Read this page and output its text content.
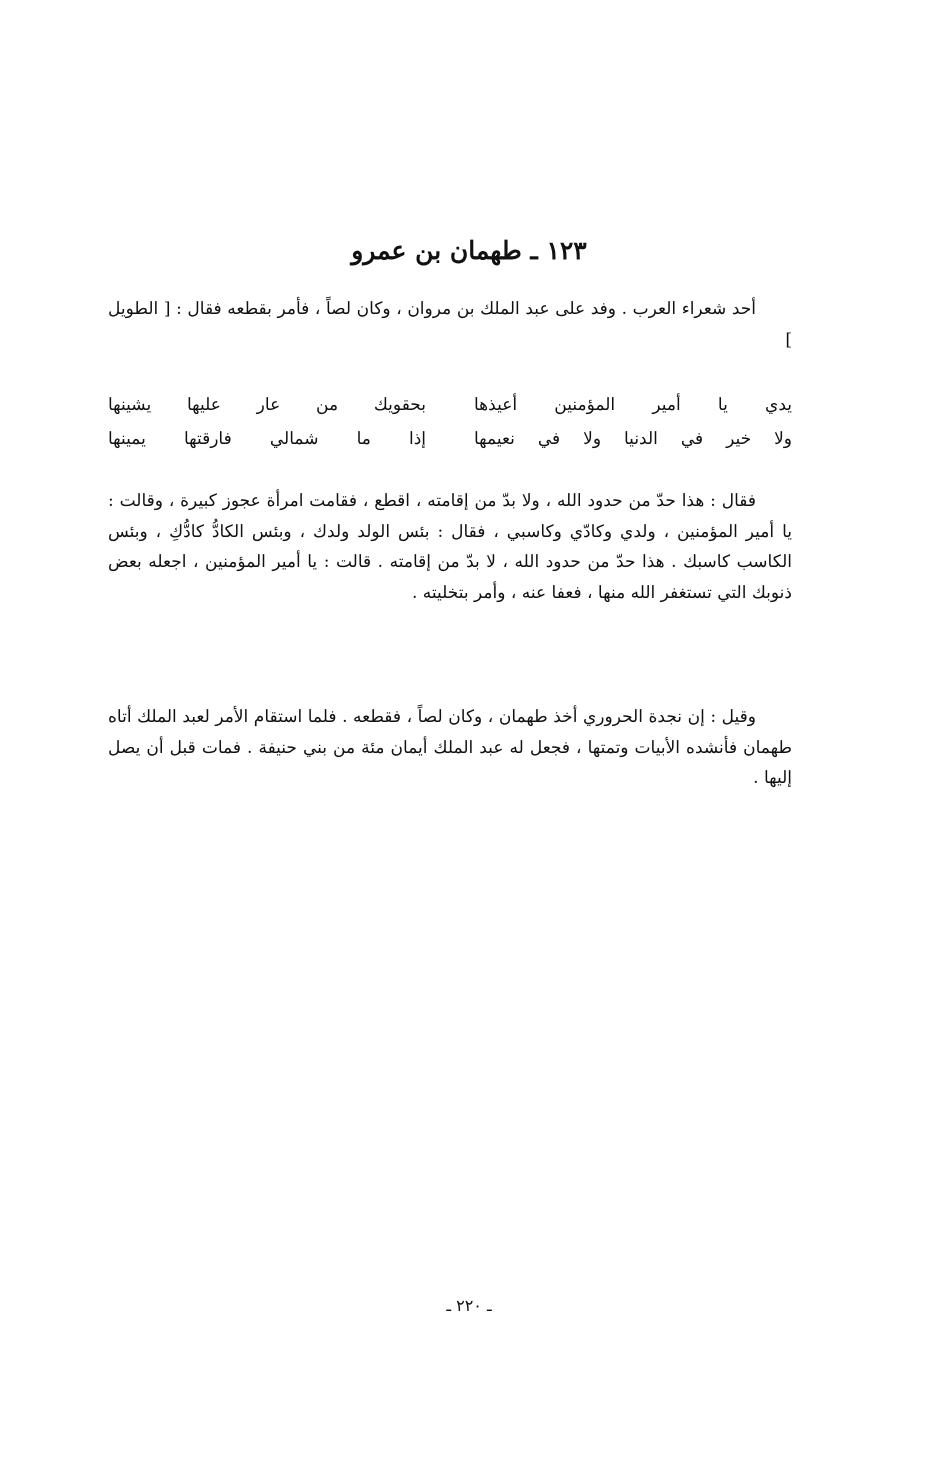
١٢٣ ـ طهمان بن عمرو

أحد شعراء العرب . وفد على عبد الملك بن مروان ، وكان لصاً ، فأمر بقطعه فقال : [ الطويل ]

يدي يا أمير المؤمنين أعيذها
بحقويك من عار عليها يشينها
ولا خير في الدنيا ولا في نعيمها
إذا ما شمالي فارقتها يمينها

فقال : هذا حدّ من حدود الله ، ولا بدّ من إقامته ، اقطع ، فقامت امرأة عجوز كبيرة ، وقالت : يا أمير المؤمنين ، ولدي وكادّي وكاسبي ، فقال : بئس الولد ولدك ، وبئس الكادُّ كادُّكِ ، وبئس الكاسب كاسبك . هذا حدّ من حدود الله ، لا بدّ من إقامته . قالت : يا أمير المؤمنين ، اجعله بعض ذنوبك التي تستغفر الله منها ، فعفا عنه ، وأمر بتخليته .

وقيل : إن نجدة الحروري أخذ طهمان ، وكان لصاً ، فقطعه . فلما استقام الأمر لعبد الملك أتاه طهمان فأنشده الأبيات وتمتها ، فجعل له عبد الملك أيمان مئة من بني حنيفة . فمات قبل أن يصل إليها .

ـ ٢٢٠ ـ
